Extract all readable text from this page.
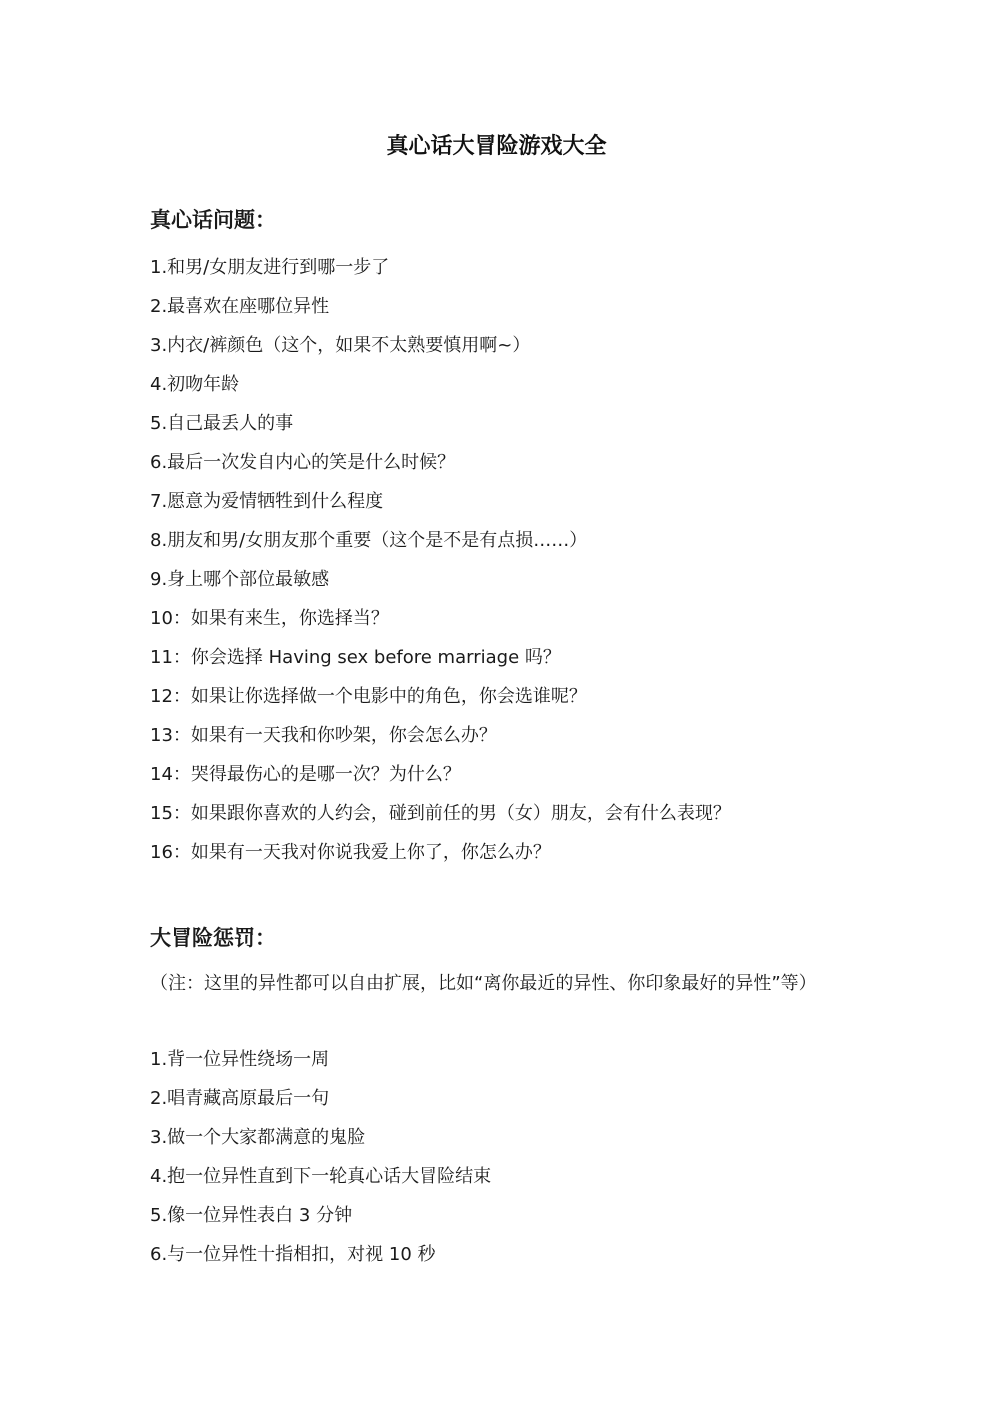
真心话大冒险游戏大全
真心话问题：
1.和男/女朋友进行到哪一步了
2.最喜欢在座哪位异性
3.内衣/裤颜色（这个，如果不太熟要慎用啊~）
4.初吻年龄
5.自己最丢人的事
6.最后一次发自内心的笑是什么时候？
7.愿意为爱情牺牲到什么程度
8.朋友和男/女朋友那个重要（这个是不是有点损……）
9.身上哪个部位最敏感
10：如果有来生，你选择当？
11：你会选择 Having sex before marriage 吗？
12：如果让你选择做一个电影中的角色，你会选谁呢？
13：如果有一天我和你吵架，你会怎么办？
14：哭得最伤心的是哪一次？为什么？
15：如果跟你喜欢的人约会，碰到前任的男（女）朋友，会有什么表现？
16：如果有一天我对你说我爱上你了，你怎么办？
大冒险惩罚：

（注：这里的异性都可以自由扩展，比如“离你最近的异性、你印象最好的异性”等）

1.背一位异性绕场一周
2.唱青藏高原最后一句
3.做一个大家都满意的鬼脸
4.抱一位异性直到下一轮真心话大冒险结束
5.像一位异性表白 3 分钟
6.与一位异性十指相扣，对视 10 秒
